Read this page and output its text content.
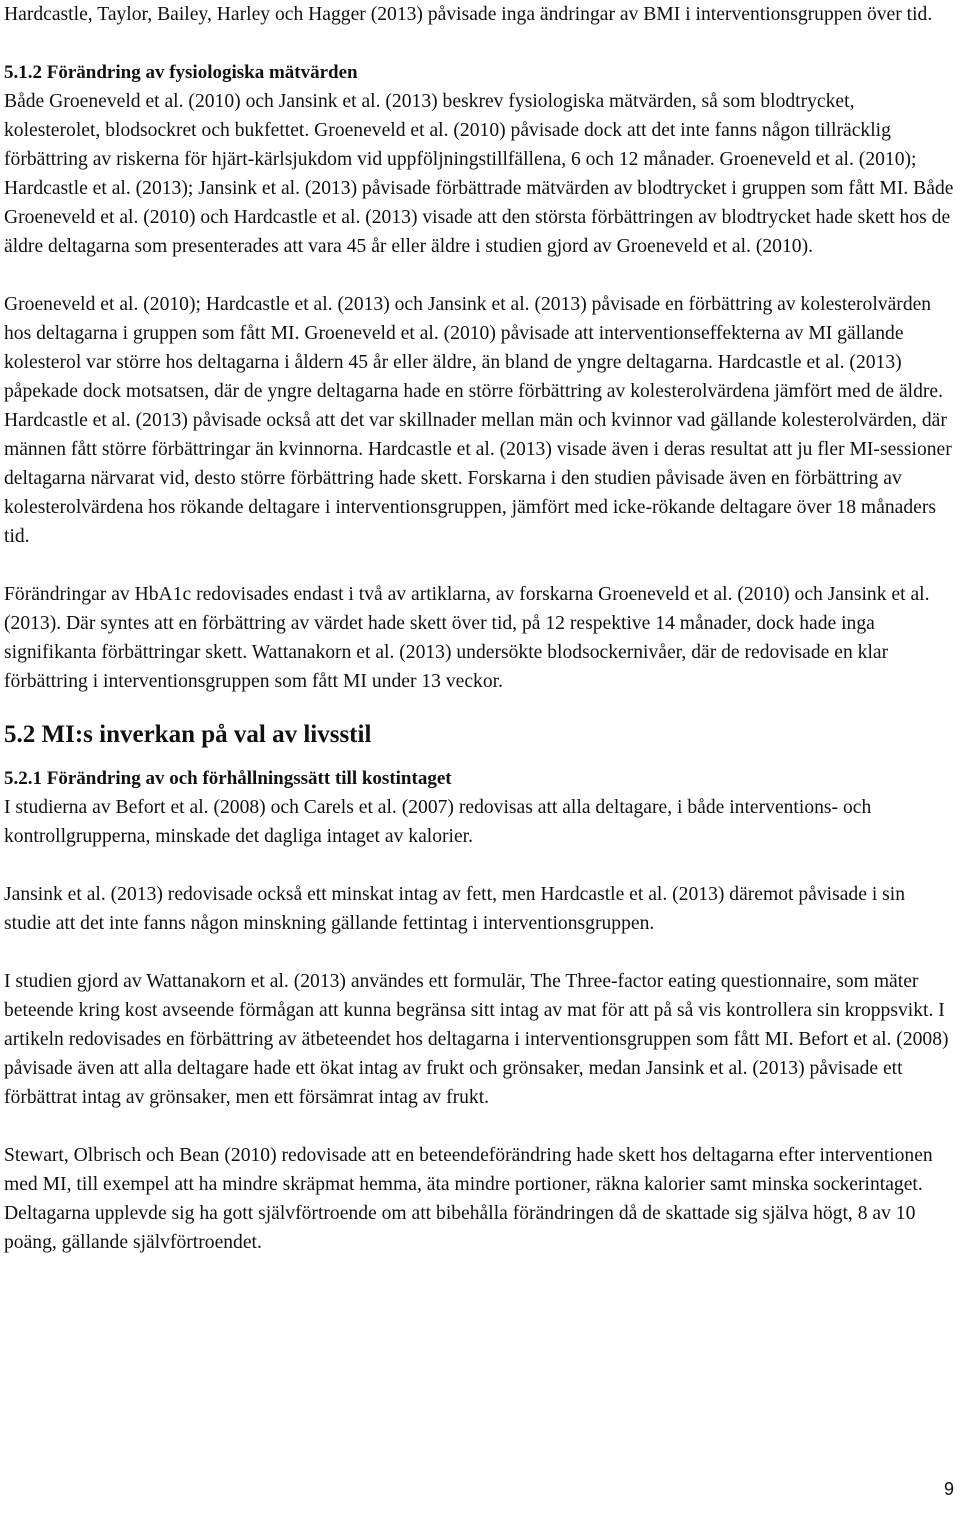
Hardcastle, Taylor, Bailey, Harley och Hagger (2013) påvisade inga ändringar av BMI i interventionsgruppen över tid.

5.1.2 Förändring av fysiologiska mätvärden

Både Groeneveld et al. (2010) och Jansink et al. (2013) beskrev fysiologiska mätvärden, så som blodtrycket, kolesterolet, blodsockret och bukfettet. Groeneveld et al. (2010) påvisade dock att det inte fanns någon tillräcklig förbättring av riskerna för hjärt-kärlsjukdom vid uppföljningstillfällena, 6 och 12 månader. Groeneveld et al. (2010); Hardcastle et al. (2013); Jansink et al. (2013) påvisade förbättrade mätvärden av blodtrycket i gruppen som fått MI. Både Groeneveld et al. (2010) och Hardcastle et al. (2013) visade att den största förbättringen av blodtrycket hade skett hos de äldre deltagarna som presenterades att vara 45 år eller äldre i studien gjord av Groeneveld et al. (2010).

Groeneveld et al. (2010); Hardcastle et al. (2013) och Jansink et al. (2013) påvisade en förbättring av kolesterolvärden hos deltagarna i gruppen som fått MI. Groeneveld et al. (2010) påvisade att interventionseffekterna av MI gällande kolesterol var större hos deltagarna i åldern 45 år eller äldre, än bland de yngre deltagarna. Hardcastle et al. (2013) påpekade dock motsatsen, där de yngre deltagarna hade en större förbättring av kolesterolvärdena jämfört med de äldre. Hardcastle et al. (2013) påvisade också att det var skillnader mellan män och kvinnor vad gällande kolesterolvärden, där männen fått större förbättringar än kvinnorna. Hardcastle et al. (2013) visade även i deras resultat att ju fler MI-sessioner deltagarna närvarat vid, desto större förbättring hade skett. Forskarna i den studien påvisade även en förbättring av kolesterolvärdena hos rökande deltagare i interventionsgruppen, jämfört med icke-rökande deltagare över 18 månaders tid.

Förändringar av HbA1c redovisades endast i två av artiklarna, av forskarna Groeneveld et al. (2010) och Jansink et al. (2013). Där syntes att en förbättring av värdet hade skett över tid, på 12 respektive 14 månader, dock hade inga signifikanta förbättringar skett. Wattanakorn et al. (2013) undersökte blodsockernivåer, där de redovisade en klar förbättring i interventionsgruppen som fått MI under 13 veckor.

5.2 MI:s inverkan på val av livsstil

5.2.1 Förändring av och förhållningssätt till kostintaget

I studierna av Befort et al. (2008) och Carels et al. (2007) redovisas att alla deltagare, i både interventions- och kontrollgrupperna, minskade det dagliga intaget av kalorier.

Jansink et al. (2013) redovisade också ett minskat intag av fett, men Hardcastle et al. (2013) däremot påvisade i sin studie att det inte fanns någon minskning gällande fettintag i interventionsgruppen.

I studien gjord av Wattanakorn et al. (2013) användes ett formulär, The Three-factor eating questionnaire, som mäter beteende kring kost avseende förmågan att kunna begränsa sitt intag av mat för att på så vis kontrollera sin kroppsvikt. I artikeln redovisades en förbättring av ätbeteendet hos deltagarna i interventionsgruppen som fått MI. Befort et al. (2008) påvisade även att alla deltagare hade ett ökat intag av frukt och grönsaker, medan Jansink et al. (2013) påvisade ett förbättrat intag av grönsaker, men ett försämrat intag av frukt.

Stewart, Olbrisch och Bean (2010) redovisade att en beteendeförändring hade skett hos deltagarna efter interventionen med MI, till exempel att ha mindre skräpmat hemma, äta mindre portioner, räkna kalorier samt minska sockerintaget. Deltagarna upplevde sig ha gott självförtroende om att bibehålla förändringen då de skattade sig själva högt, 8 av 10 poäng, gällande självförtroendet.

9
